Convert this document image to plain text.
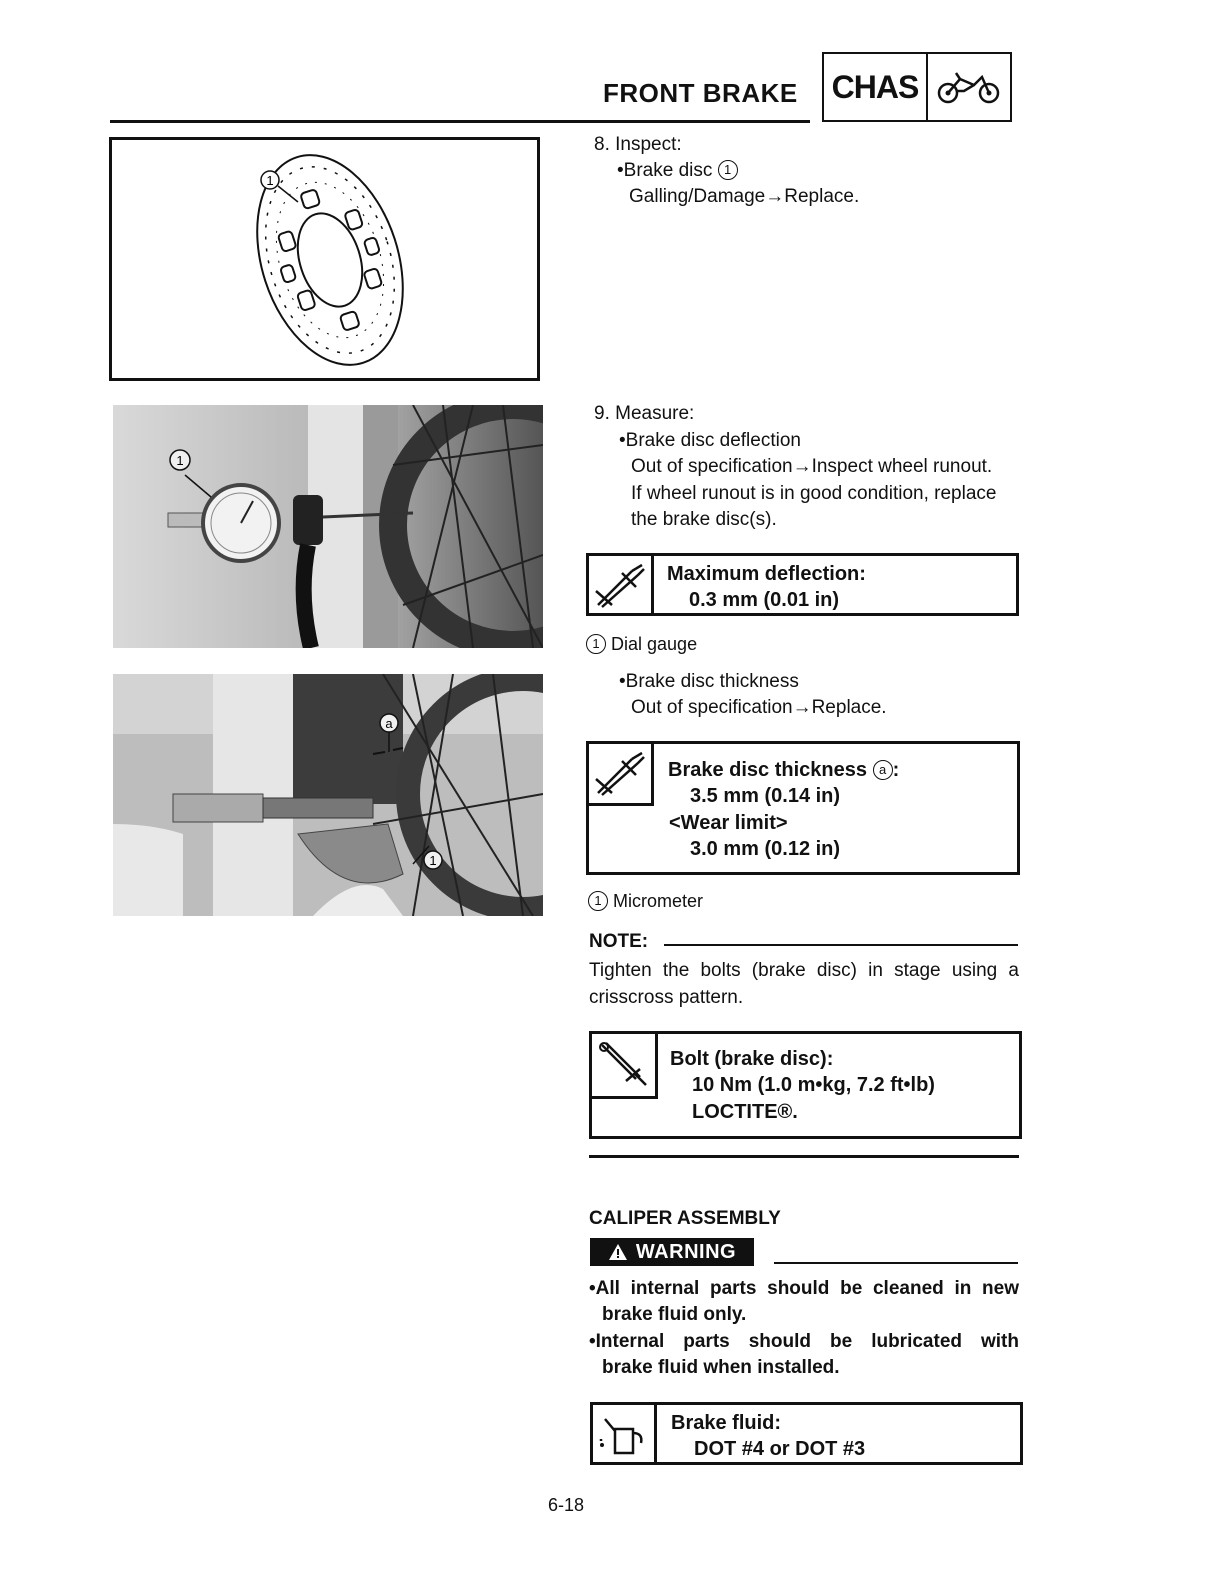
FRONT BRAKE CHAS
1
1
a
1
8. Inspect:
•Brake disc 1
Galling/Damage→Replace.
9. Measure:
•Brake disc deflection
Out of specification→Inspect wheel runout.
If wheel runout is in good condition, replace
the brake disc(s).
Maximum deflection:
0.3 mm (0.01 in)
1 Dial gauge
•Brake disc thickness
Out of specification→Replace.
Brake disc thickness a :
3.5 mm (0.14 in)
<Wear limit>
3.0 mm (0.12 in)
1 Micrometer
NOTE:
Tighten the bolts (brake disc) in stage using a
crisscross pattern.
Bolt (brake disc):
10 Nm (1.0 m•kg, 7.2 ft•lb)
LOCTITE®.
CALIPER ASSEMBLY
WARNING
•All internal parts should be cleaned in new
brake fluid only.
•Internal parts should be lubricated with
brake fluid when installed.
Brake fluid:
DOT #4 or DOT #3
6-18
